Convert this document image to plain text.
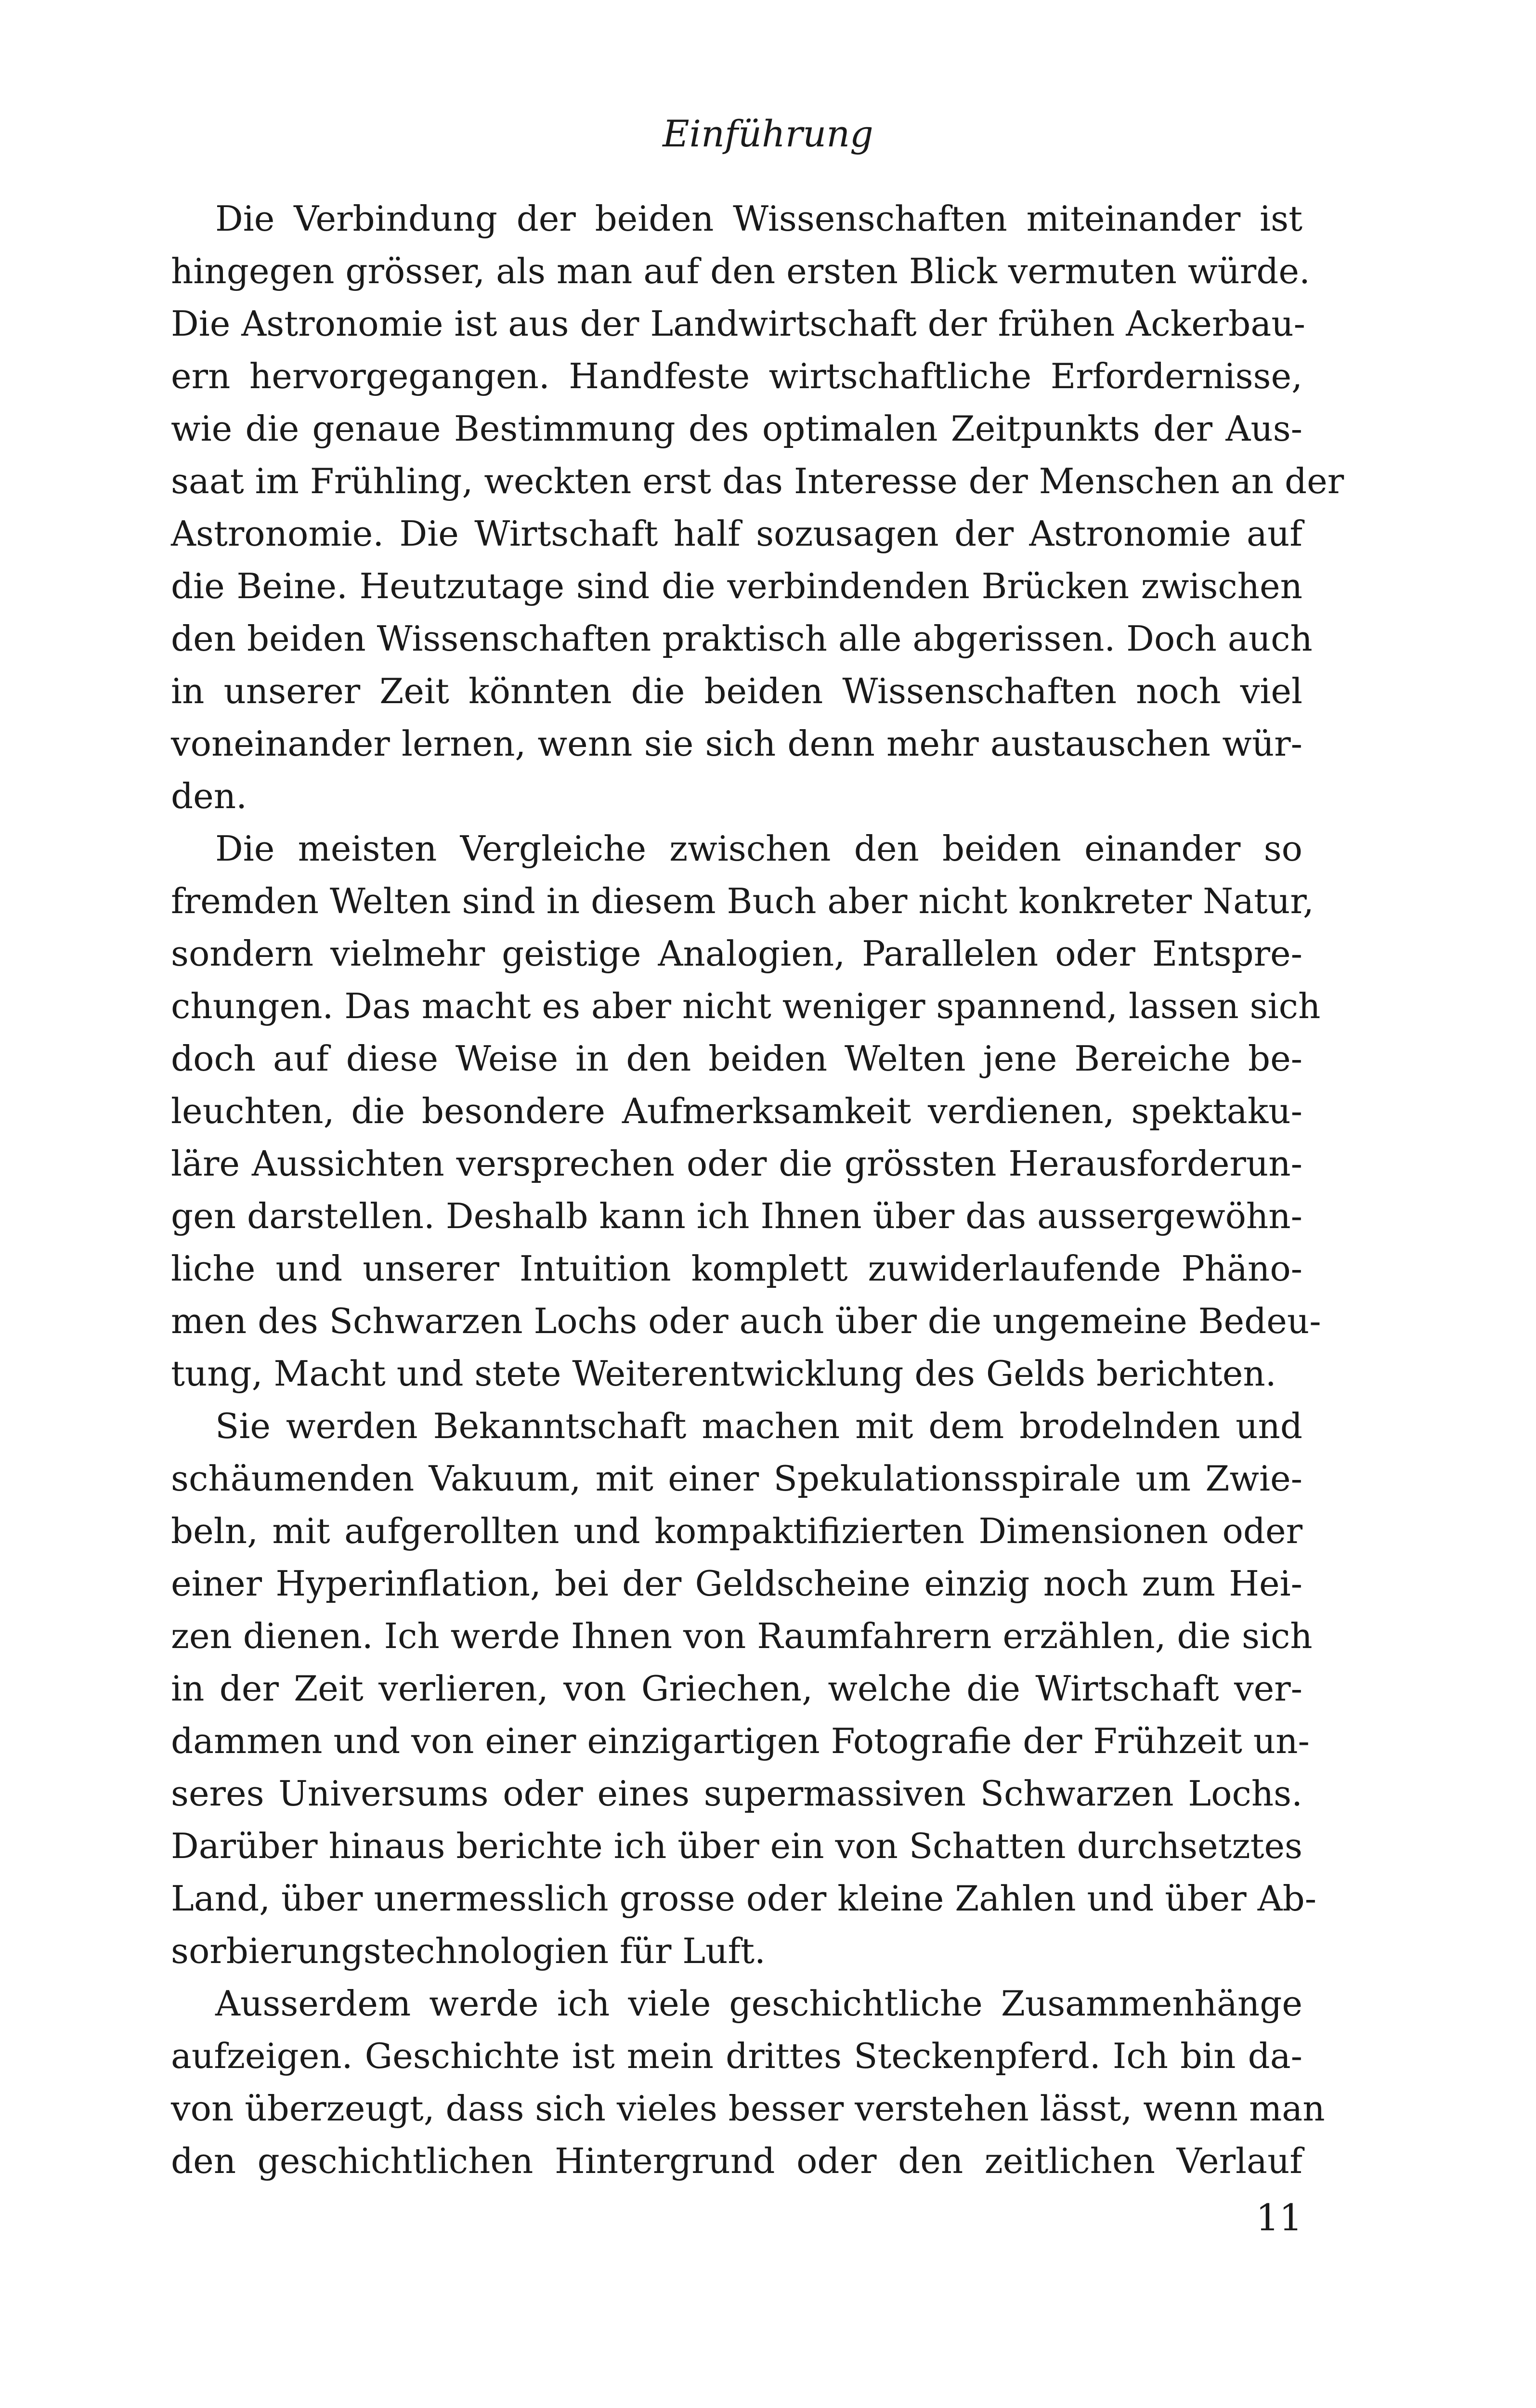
Einführung
Die Verbindung der beiden Wissenschaften miteinander ist
hingegen grösser, als man auf den ersten Blick vermuten würde.
Die Astronomie ist aus der Landwirtschaft der frühen Ackerbau-
ern hervorgegangen. Handfeste wirtschaftliche Erfordernisse,
wie die genaue Bestimmung des optimalen Zeitpunkts der Aus-
saat im Frühling, weckten erst das Interesse der Menschen an der
Astronomie. Die Wirtschaft half sozusagen der Astronomie auf
die Beine. Heutzutage sind die verbindenden Brücken zwischen
den beiden Wissenschaften praktisch alle abgerissen. Doch auch
in unserer Zeit könnten die beiden Wissenschaften noch viel
voneinander lernen, wenn sie sich denn mehr austauschen wür-
den.
Die meisten Vergleiche zwischen den beiden einander so
fremden Welten sind in diesem Buch aber nicht konkreter Natur,
sondern vielmehr geistige Analogien, Parallelen oder Entspre-
chungen. Das macht es aber nicht weniger spannend, lassen sich
doch auf diese Weise in den beiden Welten jene Bereiche be-
leuchten, die besondere Aufmerksamkeit verdienen, spektaku-
läre Aussichten versprechen oder die grössten Herausforderun-
gen darstellen. Deshalb kann ich Ihnen über das aussergewöhn-
liche und unserer Intuition komplett zuwiderlaufende Phäno-
men des Schwarzen Lochs oder auch über die ungemeine Bedeu-
tung, Macht und stete Weiterentwicklung des Gelds berichten.
Sie werden Bekanntschaft machen mit dem brodelnden und
schäumenden Vakuum, mit einer Spekulationsspirale um Zwie-
beln, mit aufgerollten und kompaktifizierten Dimensionen oder
einer Hyperinflation, bei der Geldscheine einzig noch zum Hei-
zen dienen. Ich werde Ihnen von Raumfahrern erzählen, die sich
in der Zeit verlieren, von Griechen, welche die Wirtschaft ver-
dammen und von einer einzigartigen Fotografie der Frühzeit un-
seres Universums oder eines supermassiven Schwarzen Lochs.
Darüber hinaus berichte ich über ein von Schatten durchsetztes
Land, über unermesslich grosse oder kleine Zahlen und über Ab-
sorbierungstechnologien für Luft.
Ausserdem werde ich viele geschichtliche Zusammenhänge
aufzeigen. Geschichte ist mein drittes Steckenpferd. Ich bin da-
von überzeugt, dass sich vieles besser verstehen lässt, wenn man
den geschichtlichen Hintergrund oder den zeitlichen Verlauf
11
